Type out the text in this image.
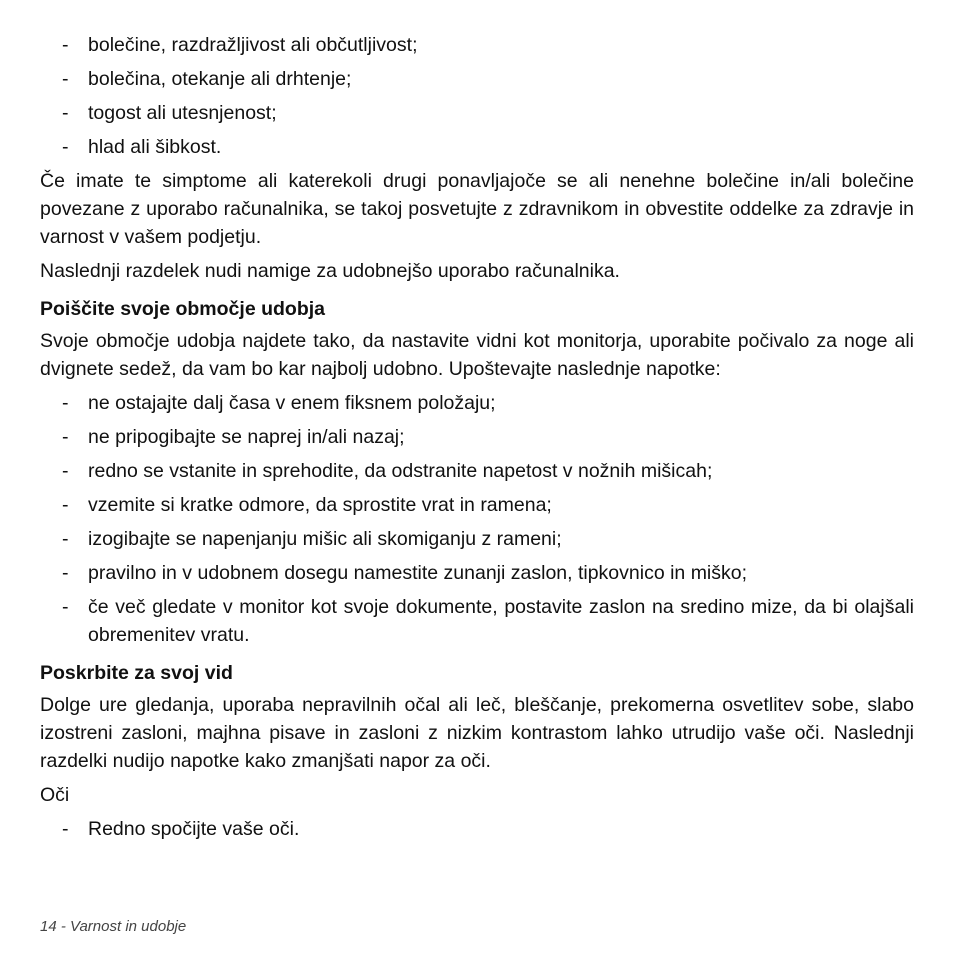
- bolečine, razdražljivost ali občutljivost;
- bolečina, otekanje ali drhtenje;
- togost ali utesnjenost;
- hlad ali šibkost.
Če imate te simptome ali katerekoli drugi ponavljajoče se ali nenehne bolečine in/ali bolečine povezane z uporabo računalnika, se takoj posvetujte z zdravnikom in obvestite oddelke za zdravje in varnost v vašem podjetju.
Naslednji razdelek nudi namige za udobnejšo uporabo računalnika.
Poiščite svoje območje udobja
Svoje območje udobja najdete tako, da nastavite vidni kot monitorja, uporabite počivalo za noge ali dvignete sedež, da vam bo kar najbolj udobno. Upoštevajte naslednje napotke:
- ne ostajajte dalj časa v enem fiksnem položaju;
- ne pripogibajte se naprej in/ali nazaj;
- redno se vstanite in sprehodite, da odstranite napetost v nožnih mišicah;
- vzemite si kratke odmore, da sprostite vrat in ramena;
- izogibajte se napenjanju mišic ali skomiganju z rameni;
- pravilno in v udobnem dosegu namestite zunanji zaslon, tipkovnico in miško;
- če več gledate v monitor kot svoje dokumente, postavite zaslon na sredino mize, da bi olajšali obremenitev vratu.
Poskrbite za svoj vid
Dolge ure gledanja, uporaba nepravilnih očal ali leč, bleščanje, prekomerna osvetlitev sobe, slabo izostreni zasloni, majhna pisave in zasloni z nizkim kontrastom lahko utrudijo vaše oči. Naslednji razdelki nudijo napotke kako zmanjšati napor za oči.
Oči
- Redno spočijte vaše oči.
14 - Varnost in udobje
